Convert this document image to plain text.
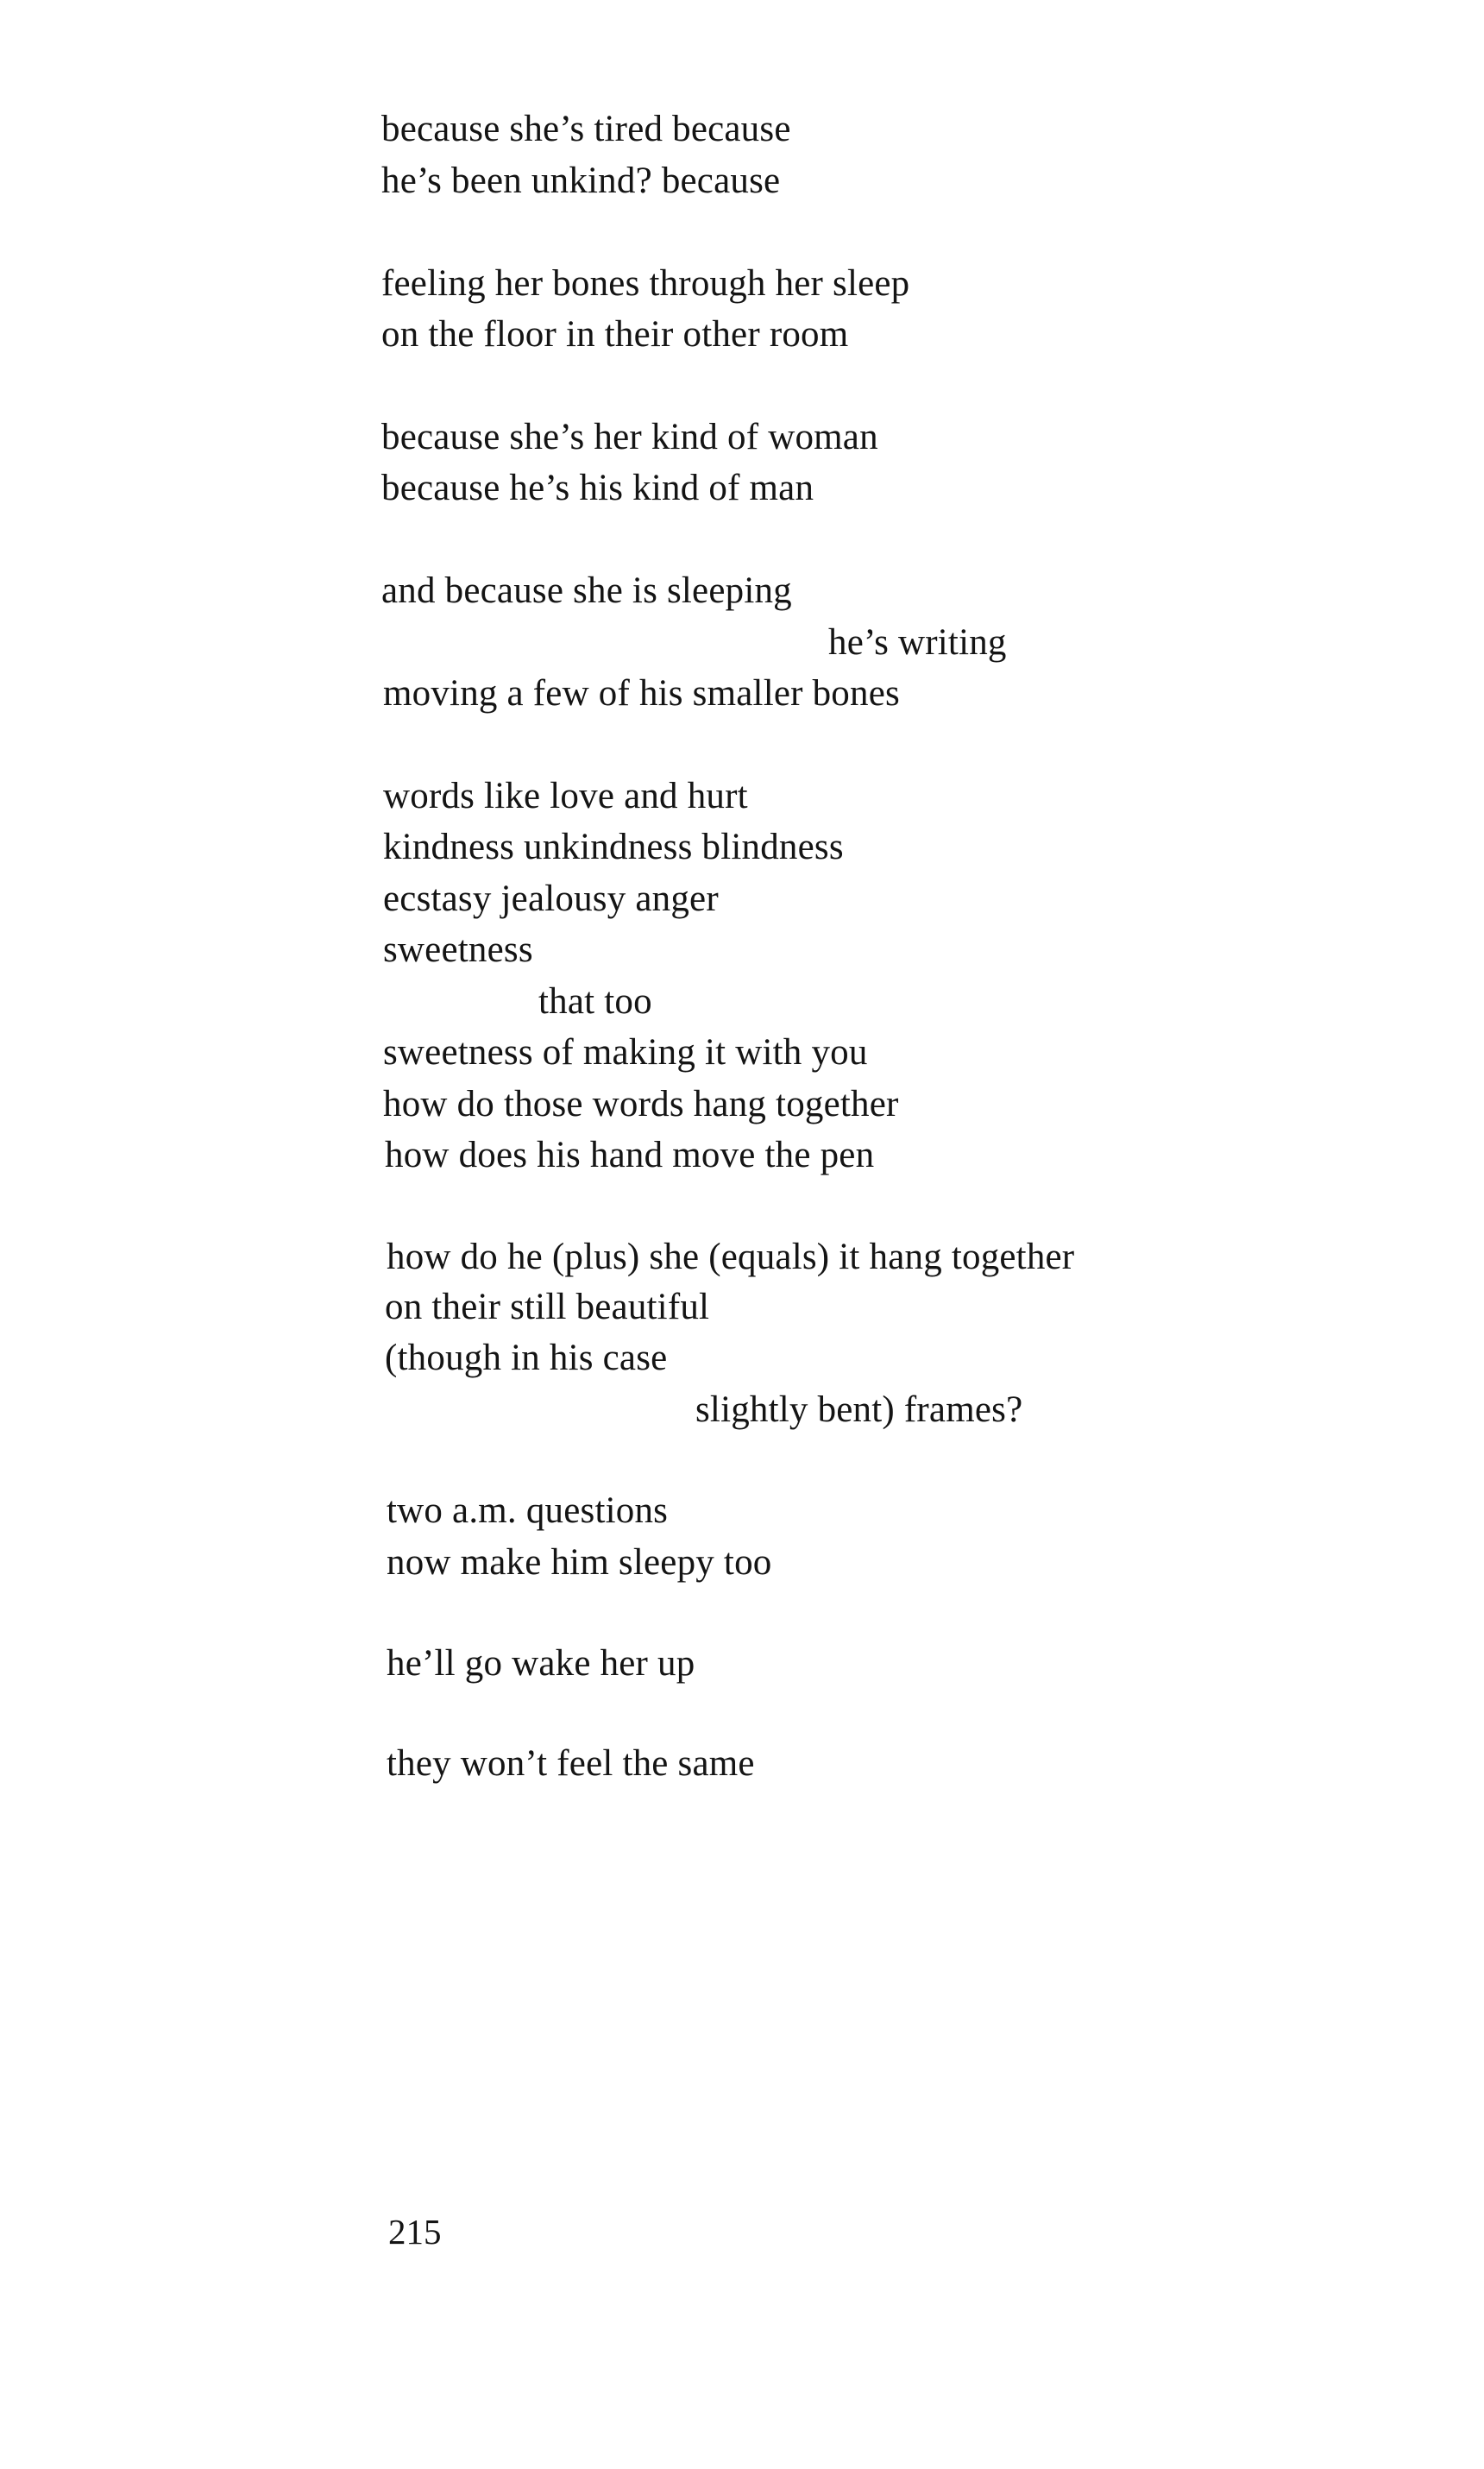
because she’s tired because
he’s been unkind? because
feeling her bones through her sleep
on the floor in their other room
because she’s her kind of woman
because he’s his kind of man
and because she is sleeping
he’s writing
moving a few of his smaller bones
words like love and hurt
kindness unkindness blindness
ecstasy jealousy anger
sweetness
that too
sweetness of making it with you
how do those words hang together
how does his hand move the pen
how do he (plus) she (equals) it hang together
on their still beautiful
(though in his case
slightly bent) frames?
two a.m. questions
now make him sleepy too
he’ll go wake her up
they won’t feel the same
215
